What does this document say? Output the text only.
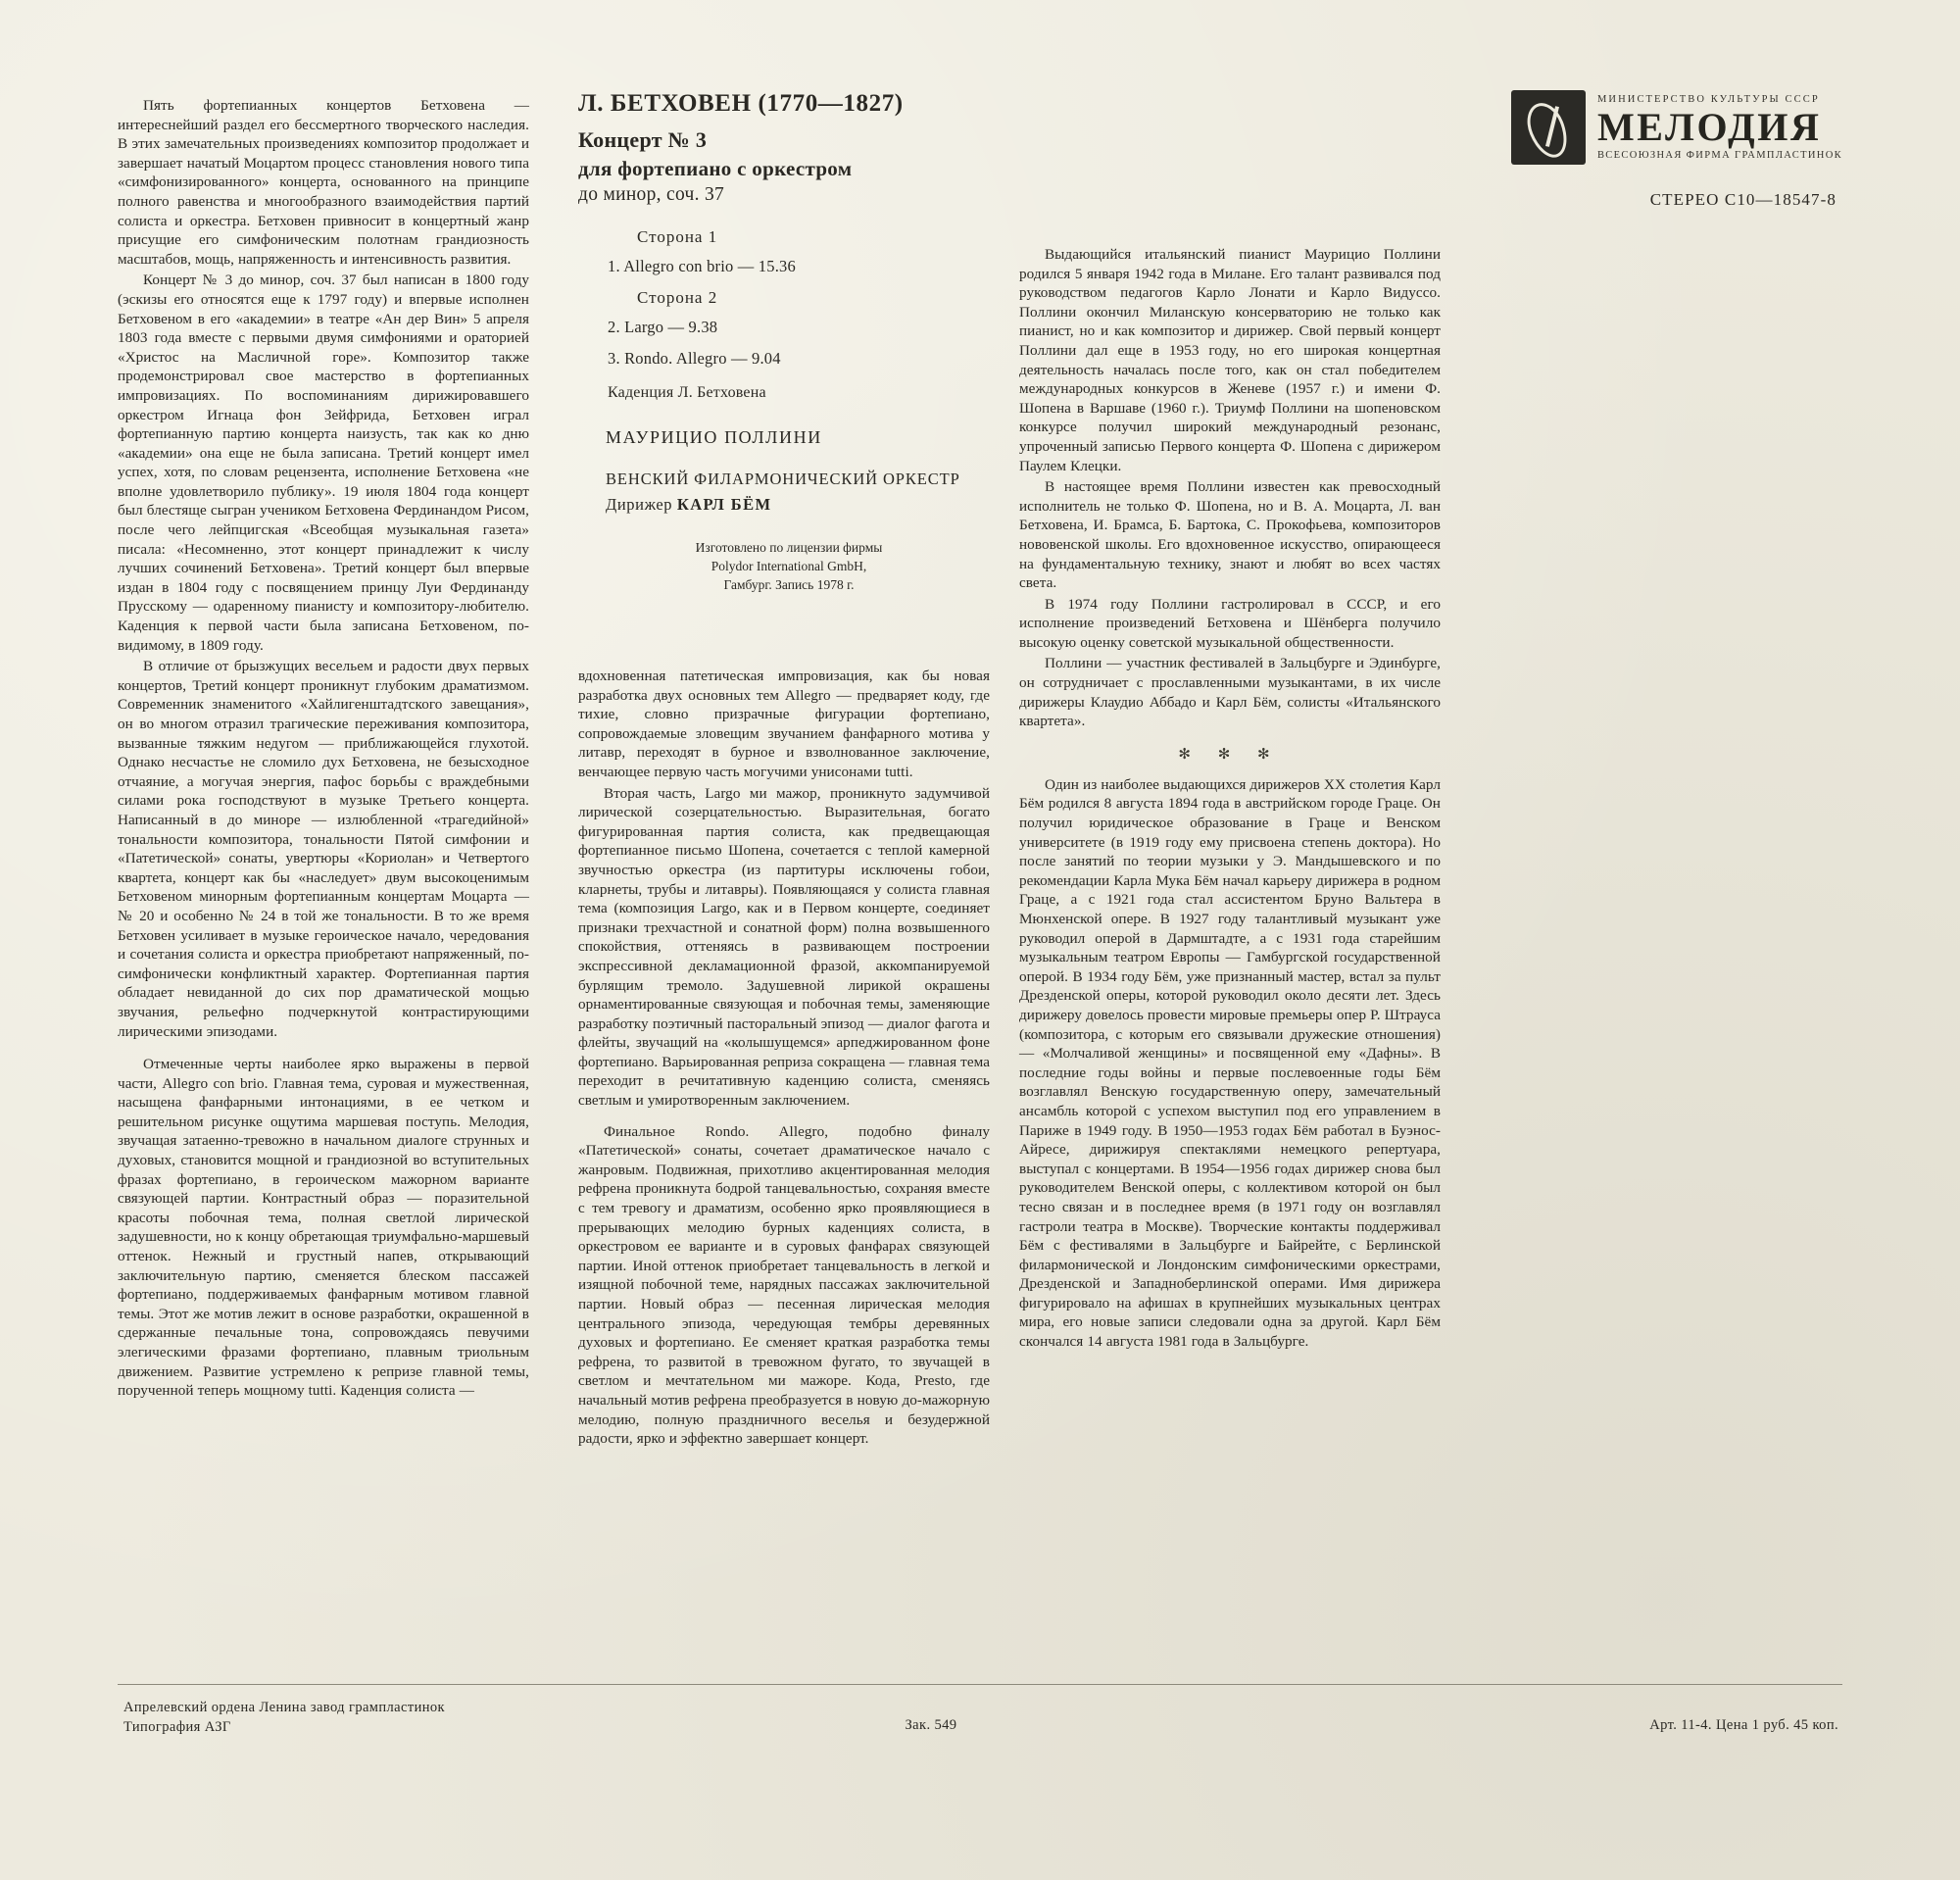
МИНИСТЕРСТВО КУЛЬТУРЫ СССР
МЕЛОДИЯ
ВСЕСОЮЗНАЯ ФИРМА ГРАМПЛАСТИНОК
СТЕРЕО С10—18547-8
Л. БЕТХОВЕН (1770—1827)
Концерт № 3
для фортепиано с оркестром
до минор, соч. 37
Сторона 1
1. Allegro con brio — 15.36
Сторона 2
2. Largo — 9.38
3. Rondo. Allegro — 9.04
Каденция Л. Бетховена
МАУРИЦИО ПОЛЛИНИ
ВЕНСКИЙ ФИЛАРМОНИЧЕСКИЙ ОРКЕСТР
Дирижер КАРЛ БЁМ
Изготовлено по лицензии фирмы
Polydor International GmbH,
Гамбург. Запись 1978 г.

Пять фортепианных концертов Бетховена — интереснейший раздел его бессмертного творческого наследия. В этих замечательных произведениях композитор продолжает и завершает начатый Моцартом процесс становления нового типа «симфонизированного» концерта, основанного на принципе полного равенства и многообразного взаимодействия партий солиста и оркестра. Бетховен привносит в концертный жанр присущие его симфоническим полотнам грандиозность масштабов, мощь, напряженность и интенсивность развития.

Концерт № 3 до минор, соч. 37 был написан в 1800 году (эскизы его относятся еще к 1797 году) и впервые исполнен Бетховеном в его «академии» в театре «Ан дер Вин» 5 апреля 1803 года вместе с первыми двумя симфониями и ораторией «Христос на Масличной горе». Композитор также продемонстрировал свое мастерство в фортепианных импровизациях. По воспоминаниям дирижировавшего оркестром Игнаца фон Зейфрида, Бетховен играл фортепианную партию концерта наизусть, так как ко дню «академии» она еще не была записана. Третий концерт имел успех, хотя, по словам рецензента, исполнение Бетховена «не вполне удовлетворило публику». 19 июля 1804 года концерт был блестяще сыгран учеником Бетховена Фердинандом Рисом, после чего лейпцигская «Всеобщая музыкальная газета» писала: «Несомненно, этот концерт принадлежит к числу лучших сочинений Бетховена». Третий концерт был впервые издан в 1804 году с посвящением принцу Луи Фердинанду Прусскому — одаренному пианисту и композитору-любителю. Каденция к первой части была записана Бетховеном, по-видимому, в 1809 году.

В отличие от брызжущих весельем и радости двух первых концертов, Третий концерт проникнут глубоким драматизмом. Современник знаменитого «Хайлигенштадтского завещания», он во многом отразил трагические переживания композитора, вызванные тяжким недугом — приближающейся глухотой. Однако несчастье не сломило дух Бетховена, не безысходное отчаяние, а могучая энергия, пафос борьбы с враждебными силами рока господствуют в музыке Третьего концерта. Написанный в до миноре — излюбленной «трагедийной» тональности композитора, тональности Пятой симфонии и «Патетической» сонаты, увертюры «Кориолан» и Четвертого квартета, концерт как бы «наследует» двум высокоценимым Бетховеном минорным фортепианным концертам Моцарта — № 20 и особенно № 24 в той же тональности. В то же время Бетховен усиливает в музыке героическое начало, чередования и сочетания солиста и оркестра приобретают напряженный, по-симфонически конфликтный характер. Фортепианная партия обладает невиданной до сих пор драматической мощью звучания, рельефно подчеркнутой контрастирующими лирическими эпизодами.

Отмеченные черты наиболее ярко выражены в первой части, Allegro con brio. Главная тема, суровая и мужественная, насыщена фанфарными интонациями, в ее четком и решительном рисунке ощутима маршевая поступь. Мелодия, звучащая затаенно-тревожно в начальном диалоге струнных и духовых, становится мощной и грандиозной во вступительных фразах фортепиано, в героическом мажорном варианте связующей партии. Контрастный образ — поразительной красоты побочная тема, полная светлой лирической задушевности, но к концу обретающая триумфально-маршевый оттенок. Нежный и грустный напев, открывающий заключительную партию, сменяется блеском пассажей фортепиано, поддерживаемых фанфарным мотивом главной темы. Этот же мотив лежит в основе разработки, окрашенной в сдержанные печальные тона, сопровождаясь певучими элегическими фразами фортепиано, плавным триольным движением. Развитие устремлено к репризе главной темы, порученной теперь мощному tutti. Каденция солиста —

вдохновенная патетическая импровизация, как бы новая разработка двух основных тем Allegro — предваряет коду, где тихие, словно призрачные фигурации фортепиано, сопровождаемые зловещим звучанием фанфарного мотива у литавр, переходят в бурное и взволнованное заключение, венчающее первую часть могучими унисонами tutti.

Вторая часть, Largo ми мажор, проникнуто задумчивой лирической созерцательностью. Выразительная, богато фигурированная партия солиста, как предвещающая фортепианное письмо Шопена, сочетается с теплой камерной звучностью оркестра (из партитуры исключены гобои, кларнеты, трубы и литавры). Появляющаяся у солиста главная тема (композиция Largo, как и в Первом концерте, соединяет признаки трехчастной и сонатной форм) полна возвышенного спокойствия, оттеняясь в развивающем построении экспрессивной декламационной фразой, аккомпанируемой бурлящим тремоло. Задушевной лирикой окрашены орнаментированные связующая и побочная темы, заменяющие разработку поэтичный пасторальный эпизод — диалог фагота и флейты, звучащий на «колышущемся» арпеджированном фоне фортепиано. Варьированная реприза сокращена — главная тема переходит в речитативную каденцию солиста, сменяясь светлым и умиротворенным заключением.

Финальное Rondo. Allegro, подобно финалу «Патетической» сонаты, сочетает драматическое начало с жанровым. Подвижная, прихотливо акцентированная мелодия рефрена проникнута бодрой танцевальностью, сохраняя вместе с тем тревогу и драматизм, особенно ярко проявляющиеся в прерывающих мелодию бурных каденциях солиста, в оркестровом ее варианте и в суровых фанфарах связующей партии. Иной оттенок приобретает танцевальность в легкой и изящной побочной теме, нарядных пассажах заключительной партии. Новый образ — песенная лирическая мелодия центрального эпизода, чередующая тембры деревянных духовых и фортепиано. Ее сменяет краткая разработка темы рефрена, то развитой в тревожном фугато, то звучащей в светлом и мечтательном ми мажоре. Кода, Presto, где начальный мотив рефрена преобразуется в новую до-мажорную мелодию, полную праздничного веселья и безудержной радости, ярко и эффектно завершает концерт.

Выдающийся итальянский пианист Маурицио Поллини родился 5 января 1942 года в Милане. Его талант развивался под руководством педагогов Карло Лонати и Карло Видуссо. Поллини окончил Миланскую консерваторию не только как пианист, но и как композитор и дирижер. Свой первый концерт Поллини дал еще в 1953 году, но его широкая концертная деятельность началась после того, как он стал победителем международных конкурсов в Женеве (1957 г.) и имени Ф. Шопена в Варшаве (1960 г.). Триумф Поллини на шопеновском конкурсе получил широкий международный резонанс, упроченный записью Первого концерта Ф. Шопена с дирижером Паулем Клецки.

В настоящее время Поллини известен как превосходный исполнитель не только Ф. Шопена, но и В. А. Моцарта, Л. ван Бетховена, И. Брамса, Б. Бартока, С. Прокофьева, композиторов нововенской школы. Его вдохновенное искусство, опирающееся на фундаментальную технику, знают и любят во всех частях света.

В 1974 году Поллини гастролировал в СССР, и его исполнение произведений Бетховена и Шёнберга получило высокую оценку советской музыкальной общественности.

Поллини — участник фестивалей в Зальцбурге и Эдинбурге, он сотрудничает с прославленными музыкантами, в их числе дирижеры Клаудио Аббадо и Карл Бём, солисты «Итальянского квартета».

✻ ✻ ✻

Один из наиболее выдающихся дирижеров XX столетия Карл Бём родился 8 августа 1894 года в австрийском городе Граце. Он получил юридическое образование в Граце и Венском университете (в 1919 году ему присвоена степень доктора). Но после занятий по теории музыки у Э. Мандышевского и по рекомендации Карла Мука Бём начал карьеру дирижера в родном Граце, а с 1921 года стал ассистентом Бруно Вальтера в Мюнхенской опере. В 1927 году талантливый музыкант уже руководил оперой в Дармштадте, а с 1931 года старейшим музыкальным театром Европы — Гамбургской государственной оперой. В 1934 году Бём, уже признанный мастер, встал за пульт Дрезденской оперы, которой руководил около десяти лет. Здесь дирижеру довелось провести мировые премьеры опер Р. Штрауса (композитора, с которым его связывали дружеские отношения) — «Молчаливой женщины» и посвященной ему «Дафны». В последние годы войны и первые послевоенные годы Бём возглавлял Венскую государственную оперу, замечательный ансамбль которой с успехом выступил под его управлением в Париже в 1949 году. В 1950—1953 годах Бём работал в Буэнос-Айресе, дирижируя спектаклями немецкого репертуара, выступал с концертами. В 1954—1956 годах дирижер снова был руководителем Венской оперы, с коллективом которой он был тесно связан и в последнее время (в 1971 году он возглавлял гастроли театра в Москве). Творческие контакты поддерживал Бём с фестивалями в Зальцбурге и Байрейте, с Берлинской филармонической и Лондонским симфоническими оркестрами, Дрезденской и Западноберлинской операми. Имя дирижера фигурировало на афишах в крупнейших музыкальных центрах мира, его новые записи следовали одна за другой. Карл Бём скончался 14 августа 1981 года в Зальцбурге.

Апрелевский ордена Ленина завод грампластинок
Типография АЗГ	Зак. 549	Арт. 11-4. Цена 1 руб. 45 коп.
